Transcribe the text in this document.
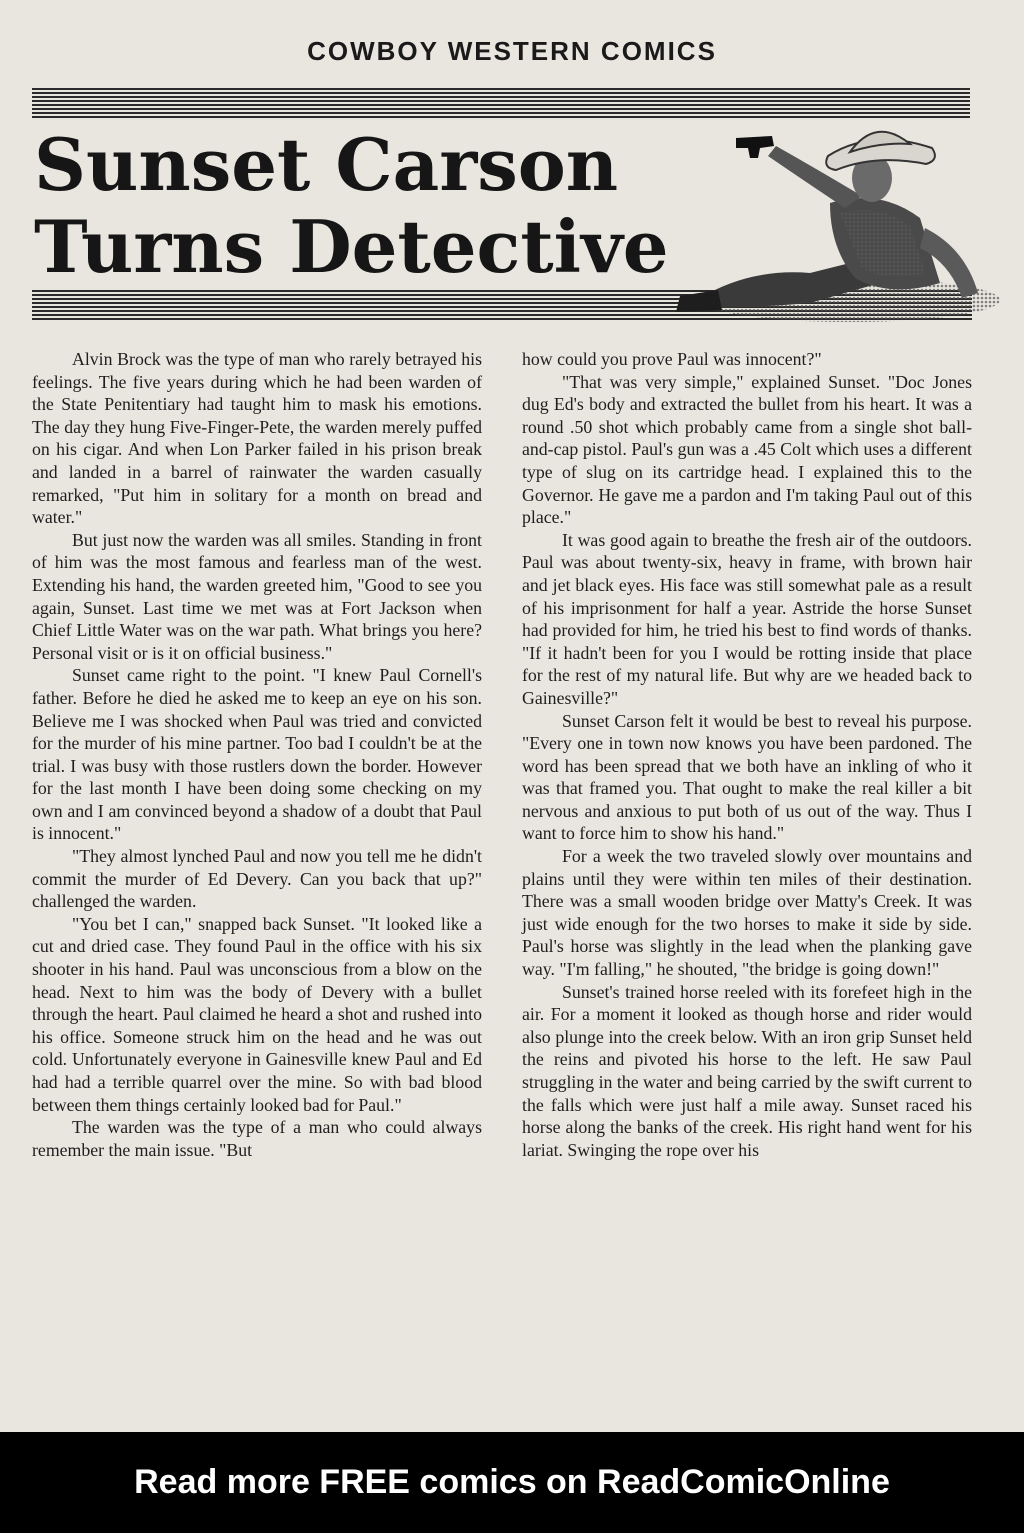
COWBOY WESTERN COMICS
Sunset Carson
Turns Detective

Alvin Brock was the type of man who rarely betrayed his feelings. The five years during which he had been warden of the State Penitentiary had taught him to mask his emotions. The day they hung Five-Finger-Pete, the warden merely puffed on his cigar. And when Lon Parker failed in his prison break and landed in a barrel of rainwater the warden casually remarked, "Put him in solitary for a month on bread and water."

But just now the warden was all smiles. Standing in front of him was the most famous and fearless man of the west. Extending his hand, the warden greeted him, "Good to see you again, Sunset. Last time we met was at Fort Jackson when Chief Little Water was on the war path. What brings you here? Personal visit or is it on official business."

Sunset came right to the point. "I knew Paul Cornell's father. Before he died he asked me to keep an eye on his son. Believe me I was shocked when Paul was tried and convicted for the murder of his mine partner. Too bad I couldn't be at the trial. I was busy with those rustlers down the border. However for the last month I have been doing some checking on my own and I am convinced beyond a shadow of a doubt that Paul is innocent."

"They almost lynched Paul and now you tell me he didn't commit the murder of Ed Devery. Can you back that up?" challenged the warden.

"You bet I can," snapped back Sunset. "It looked like a cut and dried case. They found Paul in the office with his six shooter in his hand. Paul was unconscious from a blow on the head. Next to him was the body of Devery with a bullet through the heart. Paul claimed he heard a shot and rushed into his office. Someone struck him on the head and he was out cold. Unfortunately everyone in Gainesville knew Paul and Ed had had a terrible quarrel over the mine. So with bad blood between them things certainly looked bad for Paul."

The warden was the type of a man who could always remember the main issue. "But

how could you prove Paul was innocent?"

"That was very simple," explained Sunset. "Doc Jones dug Ed's body and extracted the bullet from his heart. It was a round .50 shot which probably came from a single shot ball-and-cap pistol. Paul's gun was a .45 Colt which uses a different type of slug on its cartridge head. I explained this to the Governor. He gave me a pardon and I'm taking Paul out of this place."

It was good again to breathe the fresh air of the outdoors. Paul was about twenty-six, heavy in frame, with brown hair and jet black eyes. His face was still somewhat pale as a result of his imprisonment for half a year. Astride the horse Sunset had provided for him, he tried his best to find words of thanks. "If it hadn't been for you I would be rotting inside that place for the rest of my natural life. But why are we headed back to Gainesville?"

Sunset Carson felt it would be best to reveal his purpose. "Every one in town now knows you have been pardoned. The word has been spread that we both have an inkling of who it was that framed you. That ought to make the real killer a bit nervous and anxious to put both of us out of the way. Thus I want to force him to show his hand."

For a week the two traveled slowly over mountains and plains until they were within ten miles of their destination. There was a small wooden bridge over Matty's Creek. It was just wide enough for the two horses to make it side by side. Paul's horse was slightly in the lead when the planking gave way. "I'm falling," he shouted, "the bridge is going down!"

Sunset's trained horse reeled with its forefeet high in the air. For a moment it looked as though horse and rider would also plunge into the creek below. With an iron grip Sunset held the reins and pivoted his horse to the left. He saw Paul struggling in the water and being carried by the swift current to the falls which were just half a mile away. Sunset raced his horse along the banks of the creek. His right hand went for his lariat. Swinging the rope over his

Read more FREE comics on ReadComicOnline
